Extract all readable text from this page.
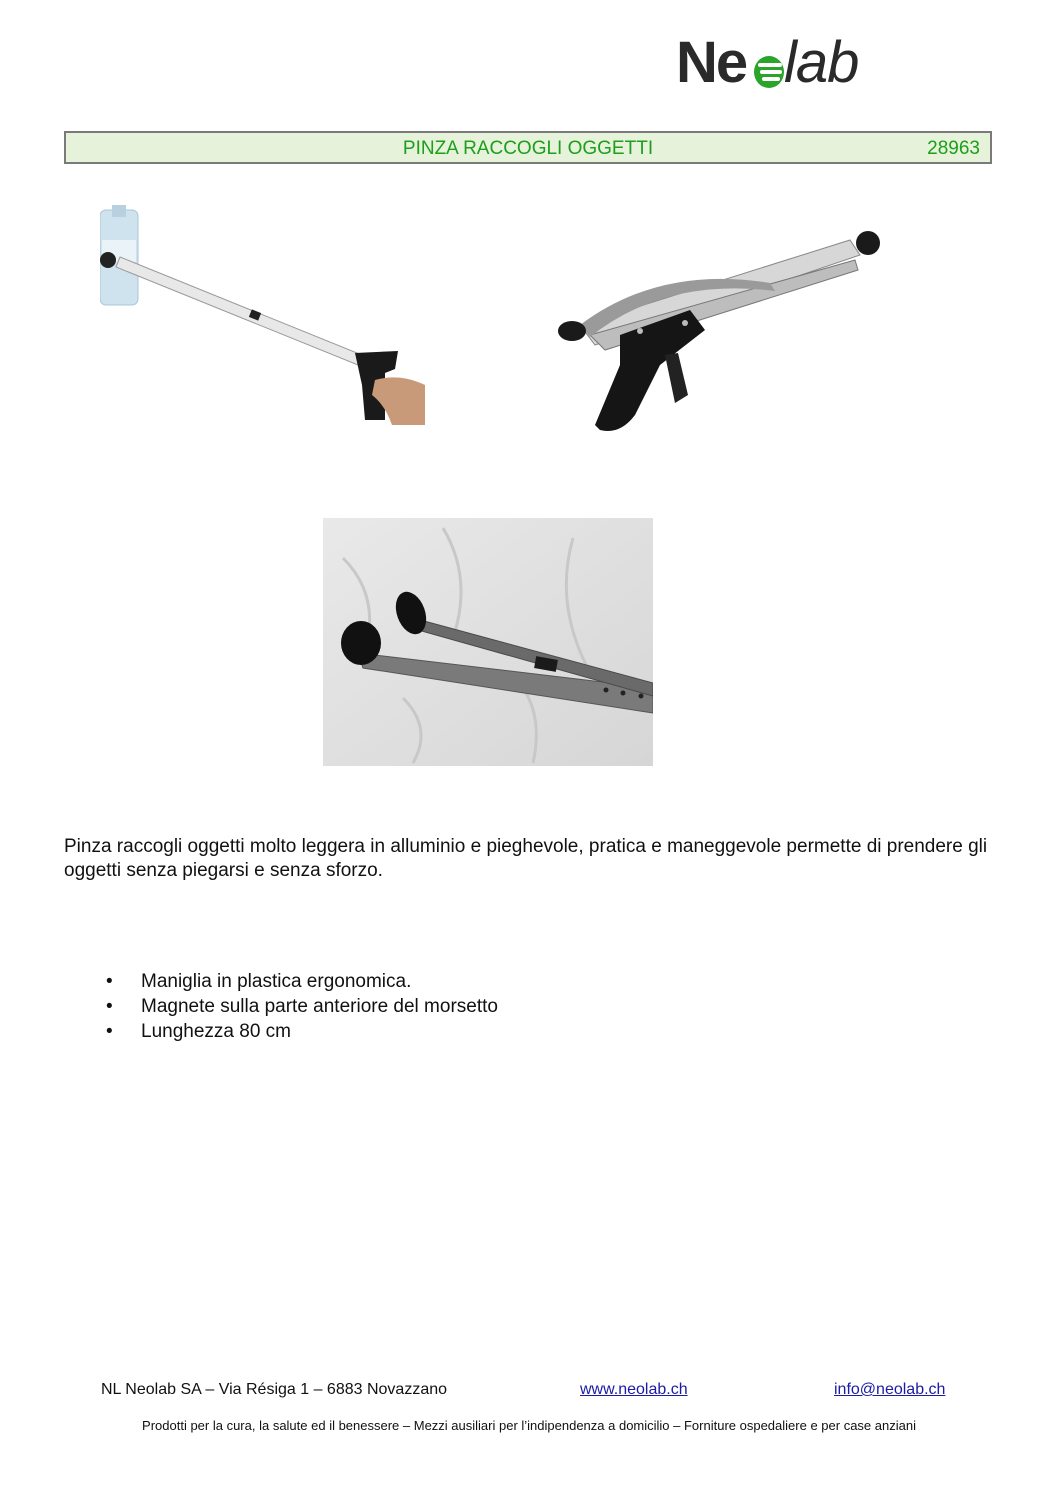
Ne lab
PINZA RACCOGLI OGGETTI	28963

Pinza raccogli oggetti molto leggera in alluminio e pieghevole, pratica e maneggevole permette di prendere gli oggetti senza piegarsi e senza sforzo.

• Maniglia in plastica ergonomica.
• Magnete sulla parte anteriore del morsetto
• Lunghezza 80 cm
NL Neolab SA – Via Résiga 1 – 6883 Novazzano	www.neolab.ch	info@neolab.ch
Prodotti per la cura, la salute ed il benessere – Mezzi ausiliari per l’indipendenza a domicilio – Forniture ospedaliere e per case anziani
